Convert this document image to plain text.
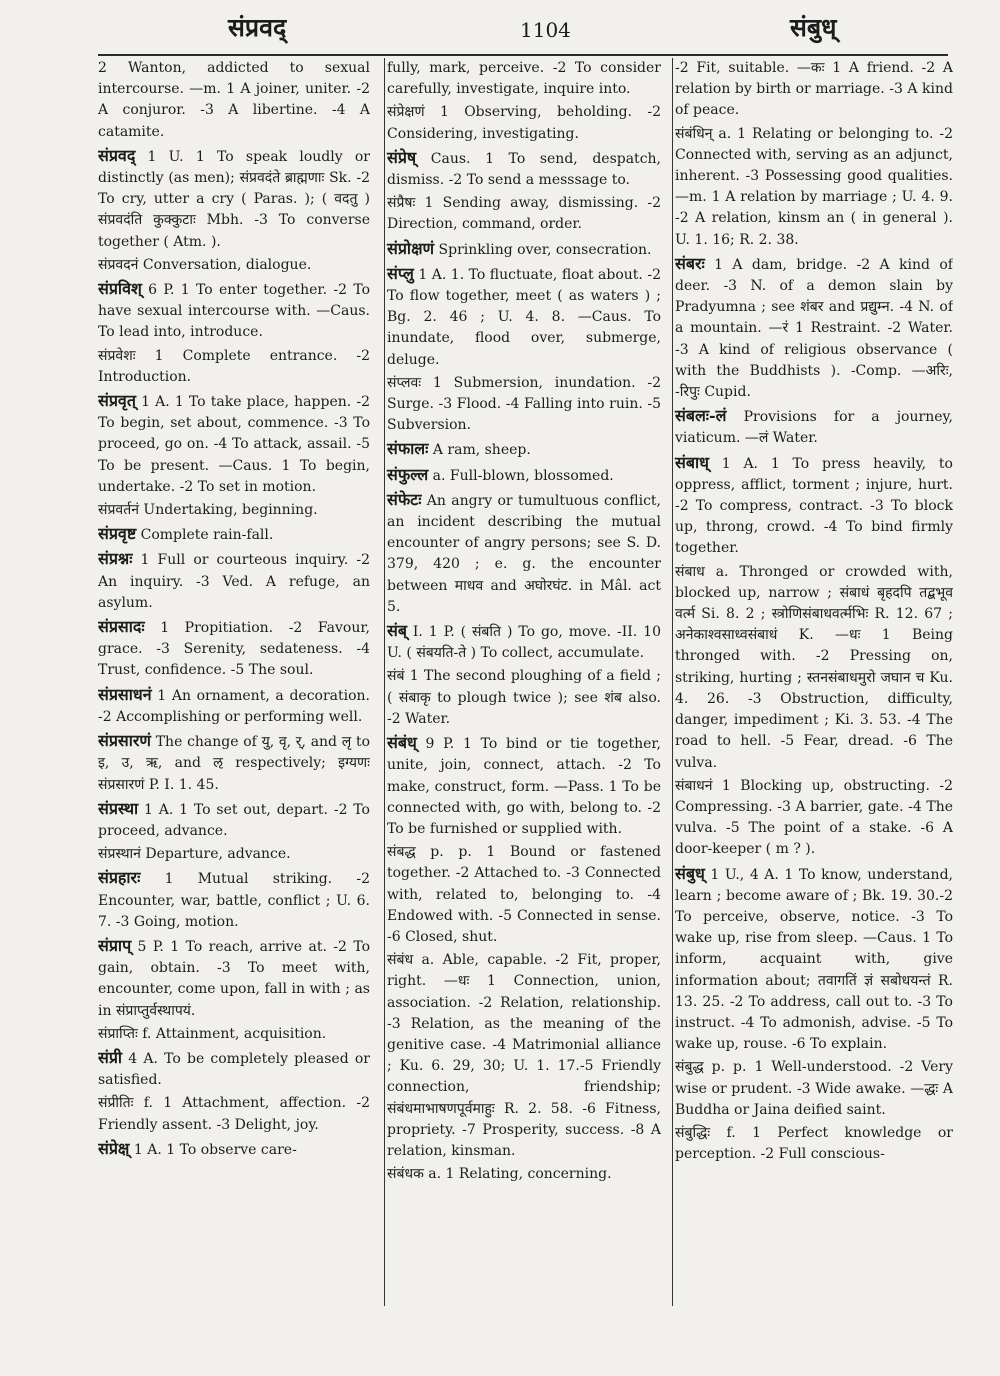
संप्रवद्	1104	संबुध्
2 Wanton, addicted to sexual intercourse. —m. 1 A joiner, uniter. -2 A conjuror. -3 A libertine. -4 A catamite.
संप्रवद् 1 U. 1 To speak loudly or distinctly (as men); संप्रवदंते ब्राह्मणाः Sk. -2 To cry, utter a cry ( Paras. ); ( वदतु ) संप्रवदंति कुक्कुटाः Mbh. -3 To converse together ( Atm. ).
संप्रवदनं Conversation, dialogue.
संप्रविश् 6 P. 1 To enter together. -2 To have sexual intercourse with. —Caus. To lead into, introduce.
संप्रवेशः 1 Complete entrance. -2 Introduction.
संप्रवृत् 1 A. 1 To take place, happen. -2 To begin, set about, commence. -3 To proceed, go on. -4 To attack, assail. -5 To be present. —Caus. 1 To begin, undertake. -2 To set in motion.
संप्रवर्तनं Undertaking, beginning.
संप्रवृष्ट Complete rain-fall.
संप्रश्नः 1 Full or courteous inquiry. -2 An inquiry. -3 Ved. A refuge, an asylum.
संप्रसादः 1 Propitiation. -2 Favour, grace. -3 Serenity, sedateness. -4 Trust, confidence. -5 The soul.
संप्रसाधनं 1 An ornament, a decoration. -2 Accomplishing or performing well.
संप्रसारणं The change of यु, वृ, र्, and लृ to इ, उ, ऋ, and ऌ respectively; इग्यणः संप्रसारणं P. I. 1. 45.
संप्रस्था 1 A. 1 To set out, depart. -2 To proceed, advance.
संप्रस्थानं Departure, advance.
संप्रहारः 1 Mutual striking. -2 Encounter, war, battle, conflict ; U. 6. 7. -3 Going, motion.
संप्राप् 5 P. 1 To reach, arrive at. -2 To gain, obtain. -3 To meet with, encounter, come upon, fall in with ; as in संप्राप्तुर्वस्थापयं.
संप्राप्तिः f. Attainment, acquisition.
संप्री 4 A. To be completely pleased or satisfied.
संप्रीतिः f. 1 Attachment, affection. -2 Friendly assent. -3 Delight, joy.
संप्रेक्ष् 1 A. 1 To observe care-
fully, mark, perceive. -2 To consider carefully, investigate, inquire into.
संप्रेक्षणं 1 Observing, beholding. -2 Considering, investigating.
संप्रेष् Caus. 1 To send, despatch, dismiss. -2 To send a messsage to.
संप्रैषः 1 Sending away, dismissing. -2 Direction, command, order.
संप्रोक्षणं Sprinkling over, consecration.
संप्लु 1 A. 1. To fluctuate, float about. -2 To flow together, meet ( as waters ) ; Bg. 2. 46 ; U. 4. 8. —Caus. To inundate, flood over, submerge, deluge.
संप्लवः 1 Submersion, inundation. -2 Surge. -3 Flood. -4 Falling into ruin. -5 Subversion.
संफालः A ram, sheep.
संफुल्ल a. Full-blown, blossomed.
संफेटः An angry or tumultuous conflict, an incident describing the mutual encounter of angry persons; see S. D. 379, 420 ; e. g. the encounter between माधव and अघोरघंट. in Mâl. act 5.
संब् I. 1 P. ( संबति ) To go, move. -II. 10 U. ( संबयति-ते ) To collect, accumulate.
संबं 1 The second ploughing of a field ; ( संबाकृ to plough twice ); see शंब also. -2 Water.
संबंध् 9 P. 1 To bind or tie together, unite, join, connect, attach. -2 To make, construct, form. —Pass. 1 To be connected with, go with, belong to. -2 To be furnished or supplied with.
संबद्ध p. p. 1 Bound or fastened together. -2 Attached to. -3 Connected with, related to, belonging to. -4 Endowed with. -5 Connected in sense. -6 Closed, shut.
संबंध a. Able, capable. -2 Fit, proper, right. —धः 1 Connection, union, association. -2 Relation, relationship. -3 Relation, as the meaning of the genitive case. -4 Matrimonial alliance ; Ku. 6. 29, 30; U. 1. 17.-5 Friendly connection, friendship; संबंधमाभाषणपूर्वमाहुः R. 2. 58. -6 Fitness, propriety. -7 Prosperity, success. -8 A relation, kinsman.
संबंधक a. 1 Relating, concerning.
-2 Fit, suitable. —कः 1 A friend. -2 A relation by birth or marriage. -3 A kind of peace.
संबंधिन् a. 1 Relating or belonging to. -2 Connected with, serving as an adjunct, inherent. -3 Possessing good qualities. —m. 1 A relation by marriage ; U. 4. 9. -2 A relation, kinsm an ( in general ). U. 1. 16; R. 2. 38.
संबरः 1 A dam, bridge. -2 A kind of deer. -3 N. of a demon slain by Pradyumna ; see शंबर and प्रद्युम्न. -4 N. of a mountain. —रं 1 Restraint. -2 Water. -3 A kind of religious observance ( with the Buddhists ). -Comp. —अरिः, -रिपुः Cupid.
संबलः-लं Provisions for a journey, viaticum. —लं Water.
संबाध् 1 A. 1 To press heavily, to oppress, afflict, torment ; injure, hurt. -2 To compress, contract. -3 To block up, throng, crowd. -4 To bind firmly together.
संबाध a. Thronged or crowded with, blocked up, narrow ; संबाधं बृहदपि तद्बभूव वर्त्म Si. 8. 2 ; स्त्रोणिसंबाधवर्त्मभिः R. 12. 67 ; अनेकाश्वसाध्वसंबाधं K. —धः 1 Being thronged with. -2 Pressing on, striking, hurting ; स्तनसंबाधमुरो जघान च Ku. 4. 26. -3 Obstruction, difficulty, danger, impediment ; Ki. 3. 53. -4 The road to hell. -5 Fear, dread. -6 The vulva.
संबाधनं 1 Blocking up, obstructing. -2 Compressing. -3 A barrier, gate. -4 The vulva. -5 The point of a stake. -6 A door-keeper ( m ? ).
संबुध् 1 U., 4 A. 1 To know, understand, learn ; become aware of ; Bk. 19. 30.-2 To perceive, observe, notice. -3 To wake up, rise from sleep. —Caus. 1 To inform, acquaint with, give information about; तवागतिं ज्ञं सबोधयन्तं R. 13. 25. -2 To address, call out to. -3 To instruct. -4 To admonish, advise. -5 To wake up, rouse. -6 To explain.
संबुद्ध p. p. 1 Well-understood. -2 Very wise or prudent. -3 Wide awake. —द्धः A Buddha or Jaina deified saint.
संबुद्धिः f. 1 Perfect knowledge or perception. -2 Full conscious-
